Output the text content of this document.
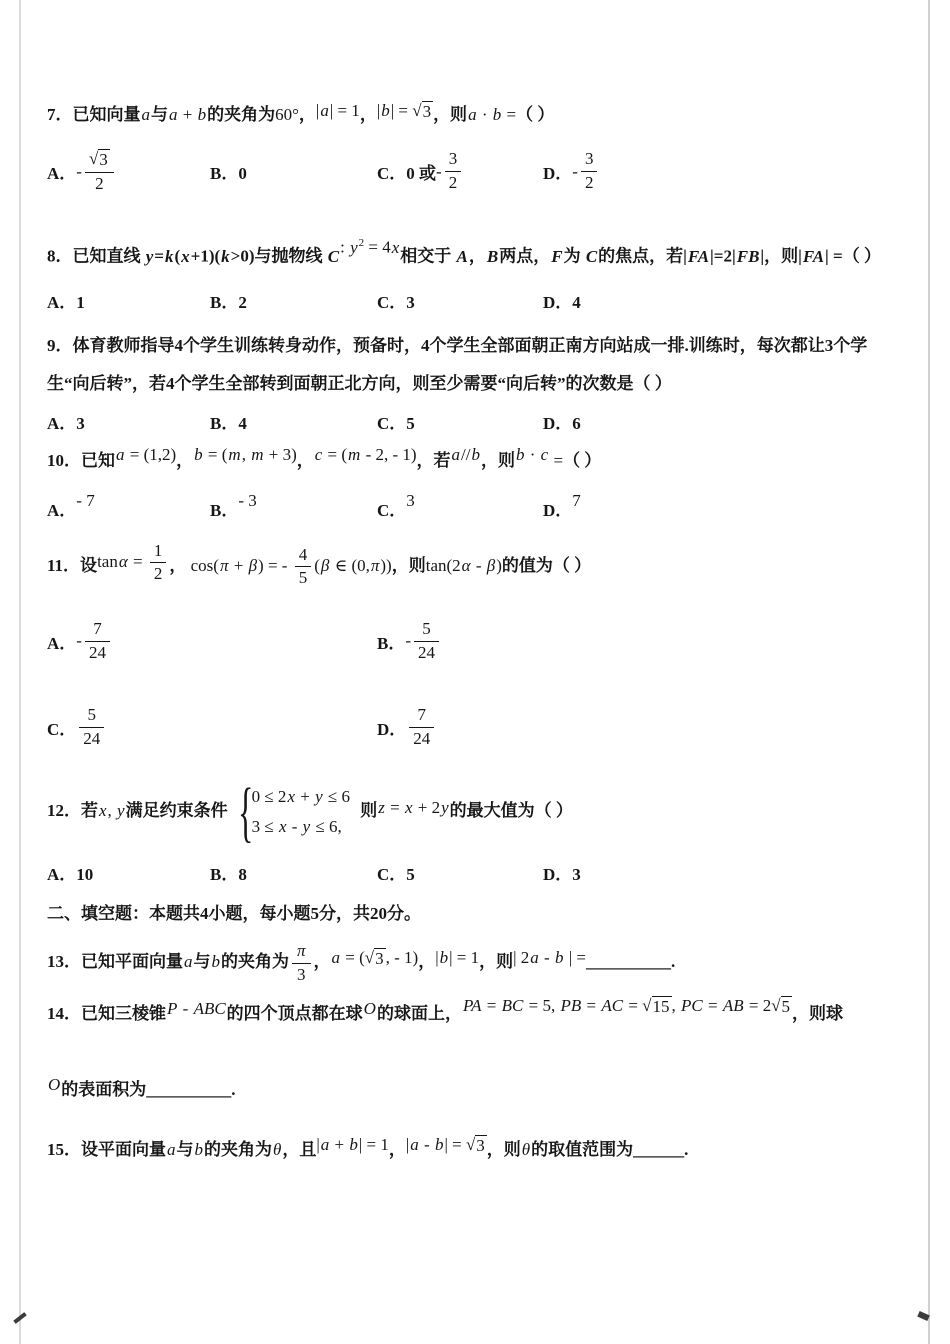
7．已知向量a与a + b的夹角为60°，|a| = 1，|b| = √ 3 ，则a · b =（ ）
A． - $\frac{√ 3}{2}$	B．0	C．0 或 - $\frac{3}{2}$	D． - $\frac{3}{2}$
8．已知直线 y=k(x+1)(k>0)与抛物线 C: $y^2 = 4x$相交于 A，B两点，F为 C的焦点，若|FA|=2|FB|，则|FA| =（ ）
A．1	B．2	C．3	D．4
9．体育教师指导4个学生训练转身动作，预备时，4个学生全部面朝正南方向站成一排.训练时，每次都让3个学生“向后转”，若4个学生全部转到面朝正北方向，则至少需要“向后转”的次数是（ ）
A．3	B．4	C．5	D．6
10．已知a = (1,2)，b = (m, m + 3)，c = (m - 2, - 1)，若a//b，则b · c =（ ）
A． - 7	B． - 3	C． 3	D． 7
11．设$\tan\alpha = \frac{1}{2}$ ， cos(π + β) = - $\frac{4}{5} (\beta$ ∈ (0,π))，则tan(2α - β)的值为（ ）
A． - $\frac{7}{24}$	B． - $\frac{5}{24}$
C． $\frac{5}{24}$	D． $\frac{7}{24}$
12．若x, y满足约束条件 {
0 ≤ 2x + y ≤ 6
3 ≤ x - y ≤ 6,
则z = x + 2y的最大值为（ ）
A．10	B．8	C．5	D．3
二、填空题：本题共4小题，每小题5分，共20分。
13．已知平面向量a与b的夹角为 $\frac{\pi}{3}$ ，a = ( √ 3 , - 1)，|b| = 1，则| 2a - b | =__________.
14．已知三棱锥P - ABC的四个顶点都在球O的球面上，PA = BC = 5, PB = AC = √ 15 , PC = AB = 2 √ 5 ，则球

O的表面积为__________.
15．设平面向量a与b的夹角为θ，且|a + b| = 1，|a - b| = √ 3 ，则θ的取值范围为______.
